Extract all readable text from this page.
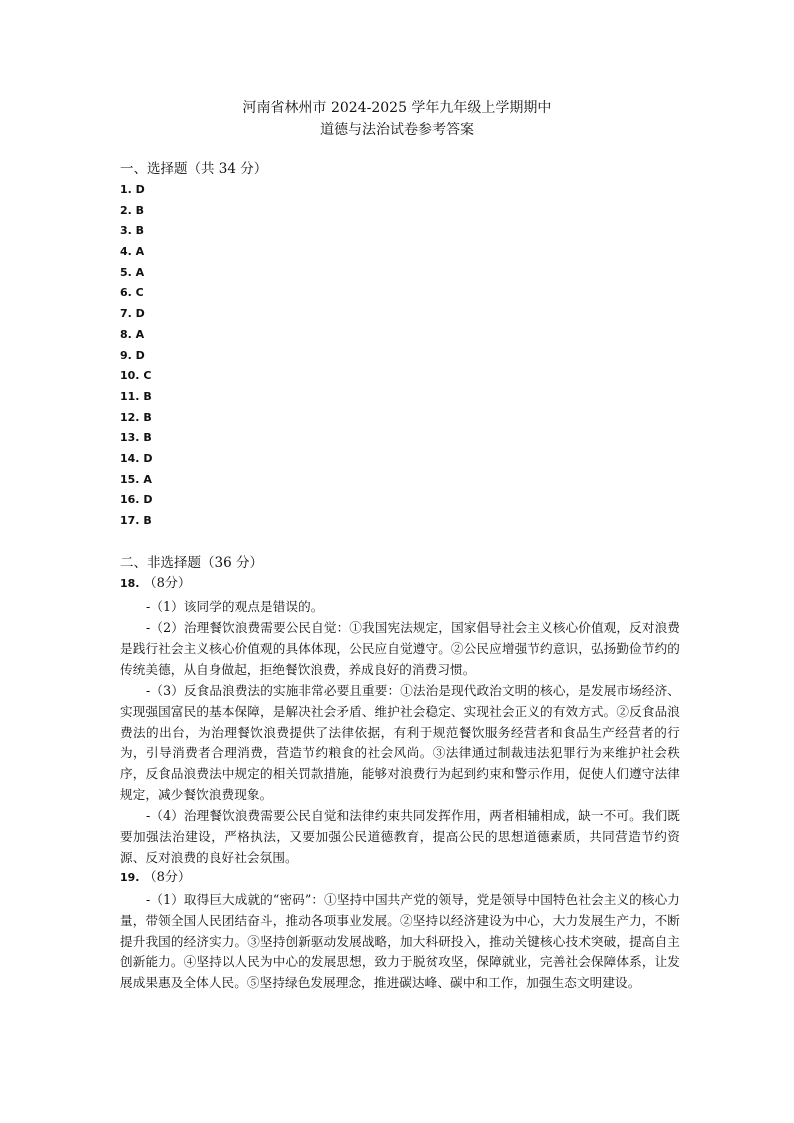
河南省林州市 2024-2025 学年九年级上学期期中
道德与法治试卷参考答案
一、选择题（共 34 分）
1. D
2. B
3. B
4. A
5. A
6. C
7. D
8. A
9. D
10. C
11. B
12. B
13. B
14. D
15. A
16. D
17. B
二、非选择题（36 分）
18. （8分）
-（1）该同学的观点是错误的。
-（2）治理餐饮浪费需要公民自觉：①我国宪法规定，国家倡导社会主义核心价值观，反对浪费是践行社会主义核心价值观的具体体现，公民应自觉遵守。②公民应增强节约意识，弘扬勤俭节约的传统美德，从自身做起，拒绝餐饮浪费，养成良好的消费习惯。
-（3）反食品浪费法的实施非常必要且重要：①法治是现代政治文明的核心，是发展市场经济、实现强国富民的基本保障，是解决社会矛盾、维护社会稳定、实现社会正义的有效方式。②反食品浪费法的出台，为治理餐饮浪费提供了法律依据，有利于规范餐饮服务经营者和食品生产经营者的行为，引导消费者合理消费，营造节约粮食的社会风尚。③法律通过制裁违法犯罪行为来维护社会秩序，反食品浪费法中规定的相关罚款措施，能够对浪费行为起到约束和警示作用，促使人们遵守法律规定，减少餐饮浪费现象。
-（4）治理餐饮浪费需要公民自觉和法律约束共同发挥作用，两者相辅相成，缺一不可。我们既要加强法治建设，严格执法，又要加强公民道德教育，提高公民的思想道德素质，共同营造节约资源、反对浪费的良好社会氛围。
19. （8分）
-（1）取得巨大成就的“密码”：①坚持中国共产党的领导，党是领导中国特色社会主义的核心力量，带领全国人民团结奋斗，推动各项事业发展。②坚持以经济建设为中心，大力发展生产力，不断提升我国的经济实力。③坚持创新驱动发展战略，加大科研投入，推动关键核心技术突破，提高自主创新能力。④坚持以人民为中心的发展思想，致力于脱贫攻坚，保障就业，完善社会保障体系，让发展成果惠及全体人民。⑤坚持绿色发展理念，推进碳达峰、碳中和工作，加强生态文明建设。
